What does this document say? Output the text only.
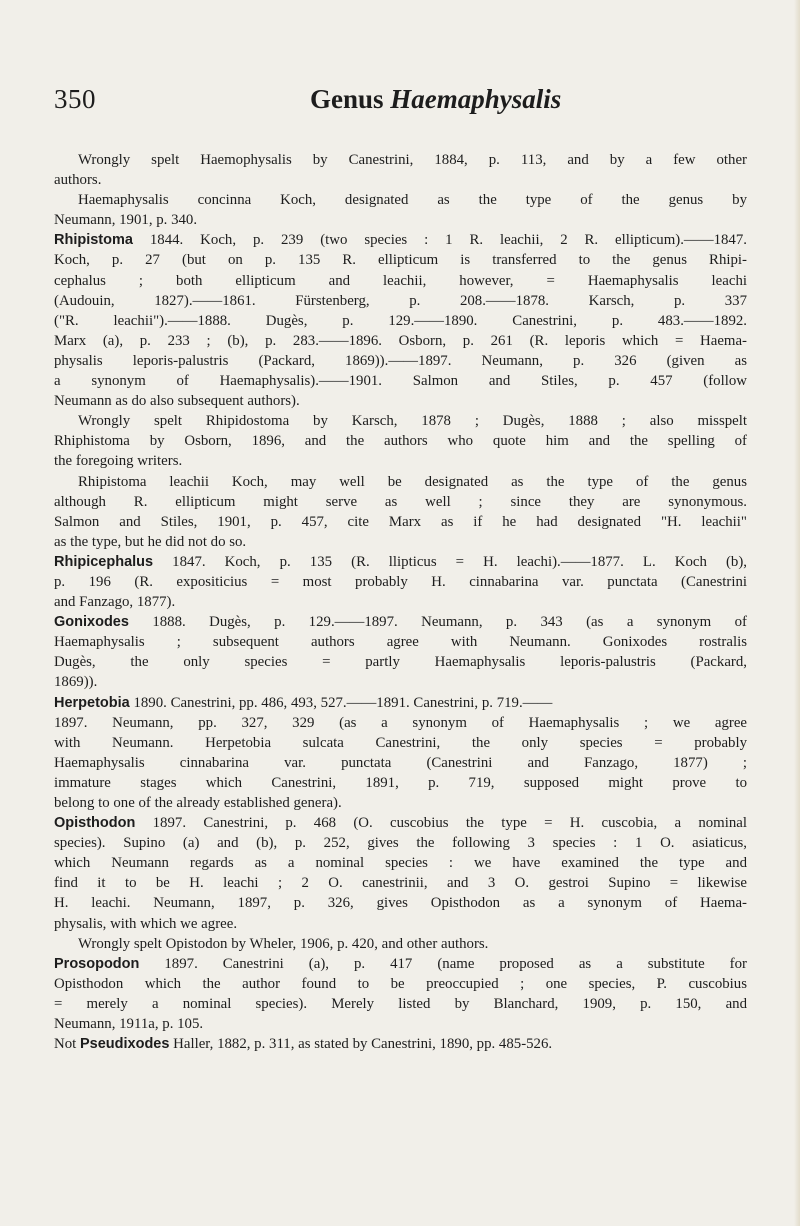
350	Genus Haemaphysalis
Wrongly spelt Haemophysalis by Canestrini, 1884, p. 113, and by a few other
authors.
Haemaphysalis concinna Koch, designated as the type of the genus by
Neumann, 1901, p. 340.
Rhipistoma 1844. Koch, p. 239 (two species : 1 R. leachii, 2 R. ellipticum).——1847.
Koch, p. 27 (but on p. 135 R. ellipticum is transferred to the genus Rhipi-
cephalus ; both ellipticum and leachii, however, = Haemaphysalis leachi
(Audouin, 1827).——1861. Fürstenberg, p. 208.——1878. Karsch, p. 337
("R. leachii").——1888. Dugès, p. 129.——1890. Canestrini, p. 483.——1892.
Marx (a), p. 233 ; (b), p. 283.——1896. Osborn, p. 261 (R. leporis which = Haema-
physalis leporis-palustris (Packard, 1869)).——1897. Neumann, p. 326 (given as
a synonym of Haemaphysalis).——1901. Salmon and Stiles, p. 457 (follow
Neumann as do also subsequent authors).
Wrongly spelt Rhipidostoma by Karsch, 1878 ; Dugès, 1888 ; also misspelt
Rhiphistoma by Osborn, 1896, and the authors who quote him and the spelling of
the foregoing writers.
Rhipistoma leachii Koch, may well be designated as the type of the genus
although R. ellipticum might serve as well ; since they are synonymous.
Salmon and Stiles, 1901, p. 457, cite Marx as if he had designated "H. leachii"
as the type, but he did not do so.
Rhipicephalus 1847. Koch, p. 135 (R. llipticus = H. leachi).——1877. L. Koch (b),
p. 196 (R. expositicius = most probably H. cinnabarina var. punctata (Canestrini
and Fanzago, 1877).
Gonixodes 1888. Dugès, p. 129.——1897. Neumann, p. 343 (as a synonym of
Haemaphysalis ; subsequent authors agree with Neumann. Gonixodes rostralis
Dugès, the only species = partly Haemaphysalis leporis-palustris (Packard,
1869)).
Herpetobia 1890. Canestrini, pp. 486, 493, 527.——1891. Canestrini, p. 719.——
1897. Neumann, pp. 327, 329 (as a synonym of Haemaphysalis ; we agree
with Neumann. Herpetobia sulcata Canestrini, the only species = probably
Haemaphysalis cinnabarina var. punctata (Canestrini and Fanzago, 1877) ;
immature stages which Canestrini, 1891, p. 719, supposed might prove to
belong to one of the already established genera).
Opisthodon 1897. Canestrini, p. 468 (O. cuscobius the type = H. cuscobia, a nominal
species). Supino (a) and (b), p. 252, gives the following 3 species : 1 O. asiaticus,
which Neumann regards as a nominal species : we have examined the type and
find it to be H. leachi ; 2 O. canestrinii, and 3 O. gestroi Supino = likewise
H. leachi. Neumann, 1897, p. 326, gives Opisthodon as a synonym of Haema-
physalis, with which we agree.
Wrongly spelt Opistodon by Wheler, 1906, p. 420, and other authors.
Prosopodon 1897. Canestrini (a), p. 417 (name proposed as a substitute for
Opisthodon which the author found to be preoccupied ; one species, P. cuscobius
= merely a nominal species). Merely listed by Blanchard, 1909, p. 150, and
Neumann, 1911a, p. 105.
Not Pseudixodes Haller, 1882, p. 311, as stated by Canestrini, 1890, pp. 485-526.
